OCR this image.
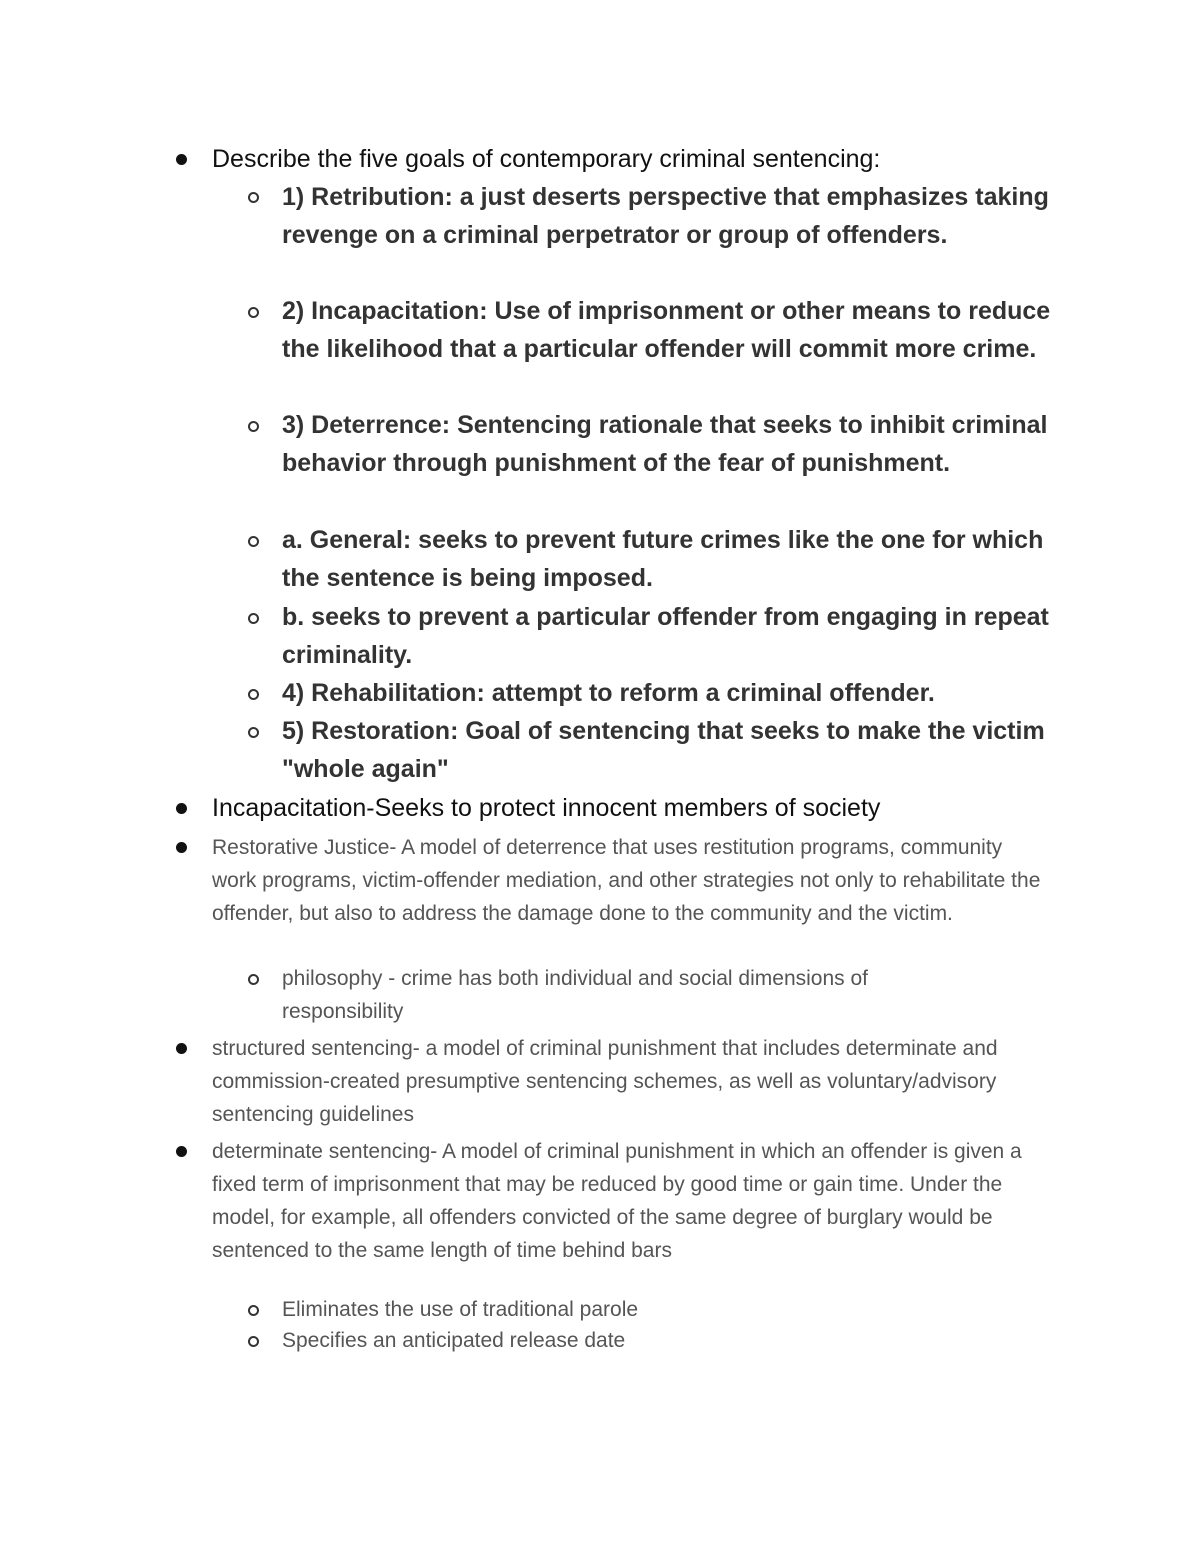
Describe the five goals of contemporary criminal sentencing:
1) Retribution: a just deserts perspective that emphasizes taking revenge on a criminal perpetrator or group of offenders.
2) Incapacitation: Use of imprisonment or other means to reduce the likelihood that a particular offender will commit more crime.
3) Deterrence: Sentencing rationale that seeks to inhibit criminal behavior through punishment of the fear of punishment.
a. General: seeks to prevent future crimes like the one for which the sentence is being imposed.
b. seeks to prevent a particular offender from engaging in repeat criminality.
4) Rehabilitation: attempt to reform a criminal offender.
5) Restoration: Goal of sentencing that seeks to make the victim "whole again"
Incapacitation-Seeks to protect innocent members of society
Restorative Justice- A model of deterrence that uses restitution programs, community work programs, victim-offender mediation, and other strategies not only to rehabilitate the offender, but also to address the damage done to the community and the victim.
philosophy - crime has both individual and social dimensions of responsibility
structured sentencing- a model of criminal punishment that includes determinate and commission-created presumptive sentencing schemes, as well as voluntary/advisory sentencing guidelines
determinate sentencing- A model of criminal punishment in which an offender is given a fixed term of imprisonment that may be reduced by good time or gain time. Under the model, for example, all offenders convicted of the same degree of burglary would be sentenced to the same length of time behind bars
Eliminates the use of traditional parole
Specifies an anticipated release date
